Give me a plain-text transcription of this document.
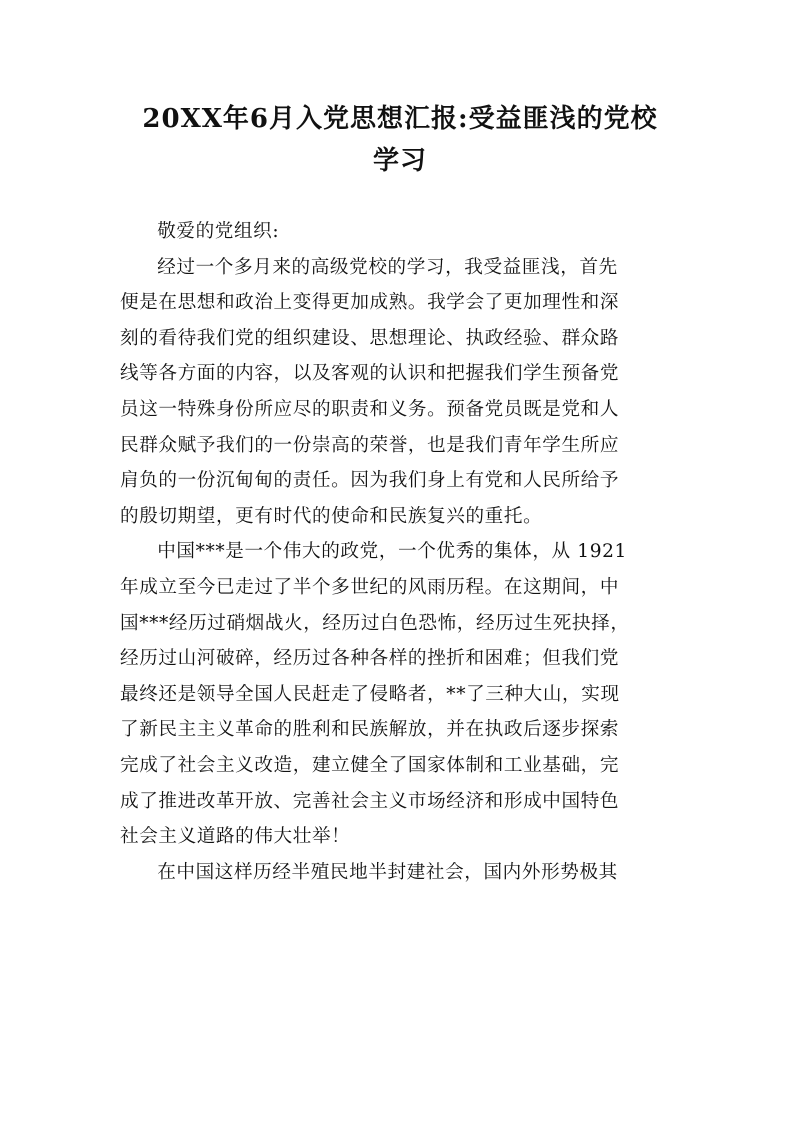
20XX年6月入党思想汇报:受益匪浅的党校
学习

敬爱的党组织:

经过一个多月来的高级党校的学习，我受益匪浅，首先
便是在思想和政治上变得更加成熟。我学会了更加理性和深
刻的看待我们党的组织建设、思想理论、执政经验、群众路
线等各方面的内容，以及客观的认识和把握我们学生预备党
员这一特殊身份所应尽的职责和义务。预备党员既是党和人
民群众赋予我们的一份崇高的荣誉，也是我们青年学生所应
肩负的一份沉甸甸的责任。因为我们身上有党和人民所给予
的殷切期望，更有时代的使命和民族复兴的重托。

中国***是一个伟大的政党，一个优秀的集体，从 1921
年成立至今已走过了半个多世纪的风雨历程。在这期间，中
国***经历过硝烟战火，经历过白色恐怖，经历过生死抉择，
经历过山河破碎，经历过各种各样的挫折和困难；但我们党
最终还是领导全国人民赶走了侵略者，**了三种大山，实现
了新民主主义革命的胜利和民族解放，并在执政后逐步探索
完成了社会主义改造，建立健全了国家体制和工业基础，完
成了推进改革开放、完善社会主义市场经济和形成中国特色
社会主义道路的伟大壮举！

在中国这样历经半殖民地半封建社会，国内外形势极其
